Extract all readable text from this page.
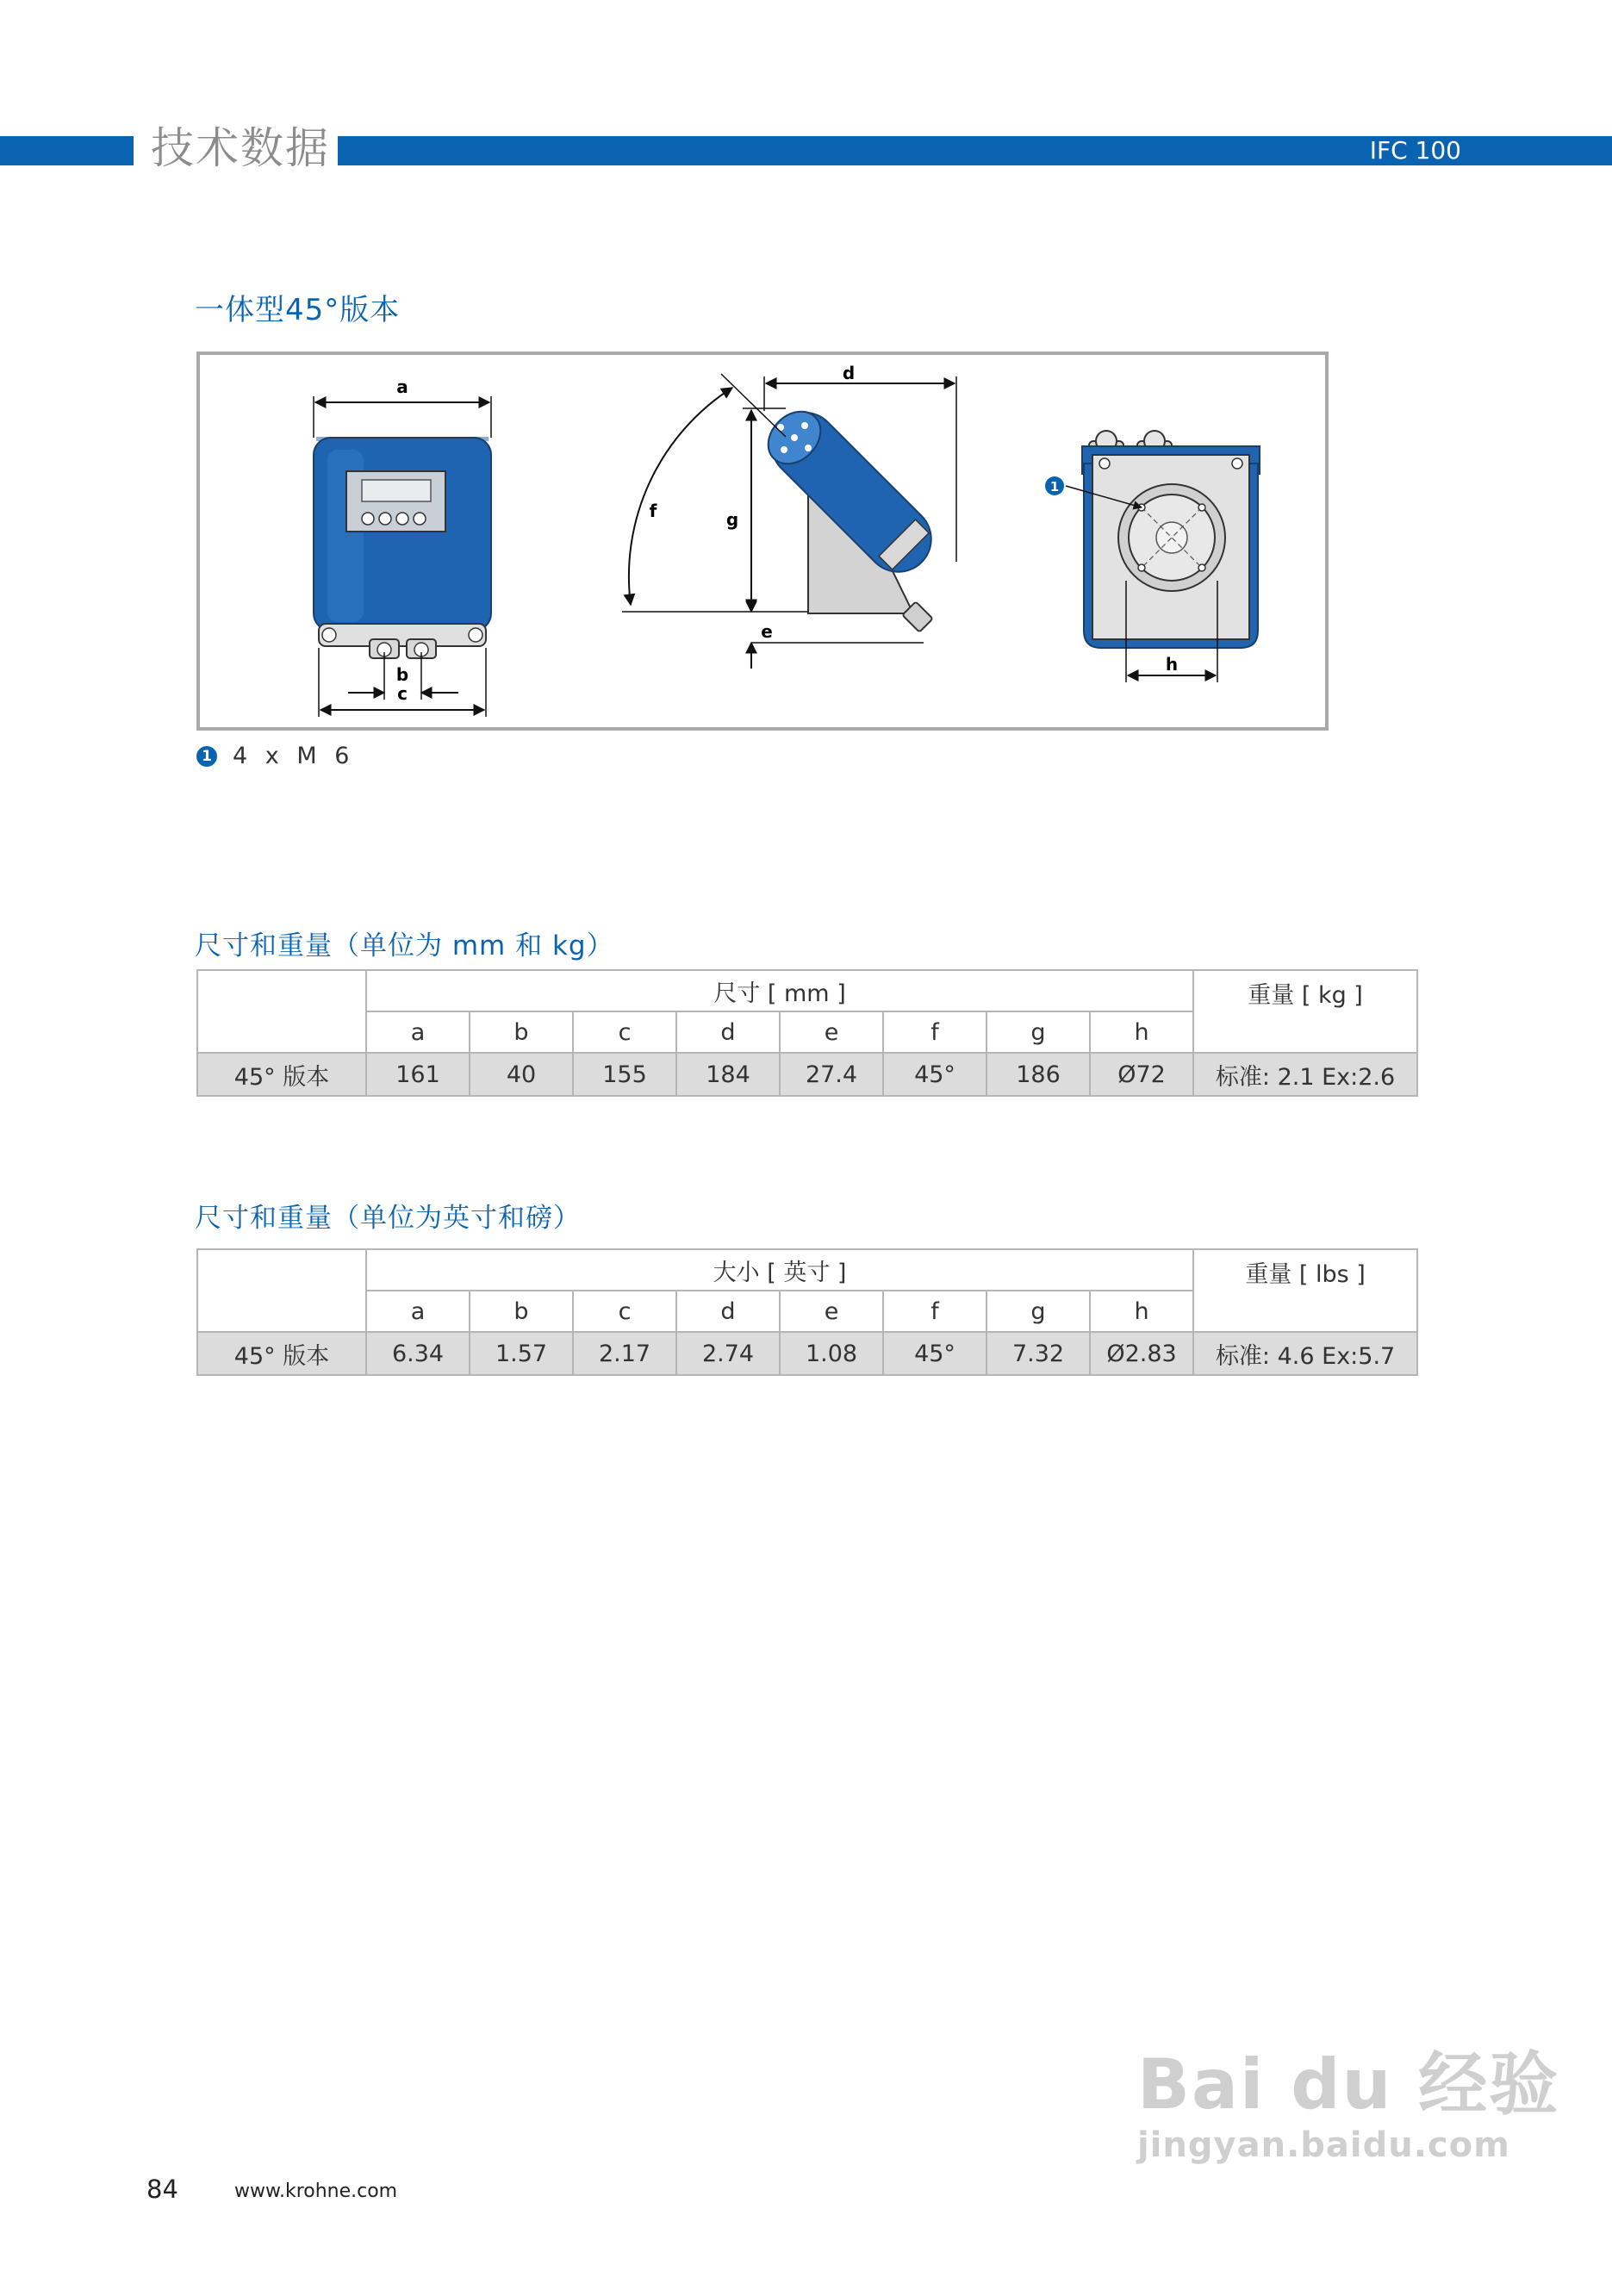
技术数据	IFC 100
一体型45°版本
a
b
c
d
f	g
e
1
h
1 4 x M 6
尺寸和重量（单位为 mm 和 kg）
	尺寸 [ mm ]								重量 [ kg ]
	a	b	c	d	e	f	g	h	
45° 版本	161	40	155	184	27.4	45°	186	Ø72	标准: 2.1 Ex:2.6
尺寸和重量（单位为英寸和磅）
	大小 [ 英寸 ]								重量 [ lbs ]
	a	b	c	d	e	f	g	h	
45° 版本	6.34	1.57	2.17	2.74	1.08	45°	7.32	Ø2.83	标准: 4.6 Ex:5.7
84	www.krohne.com
Bai du 经验
jingyan.baidu.com
